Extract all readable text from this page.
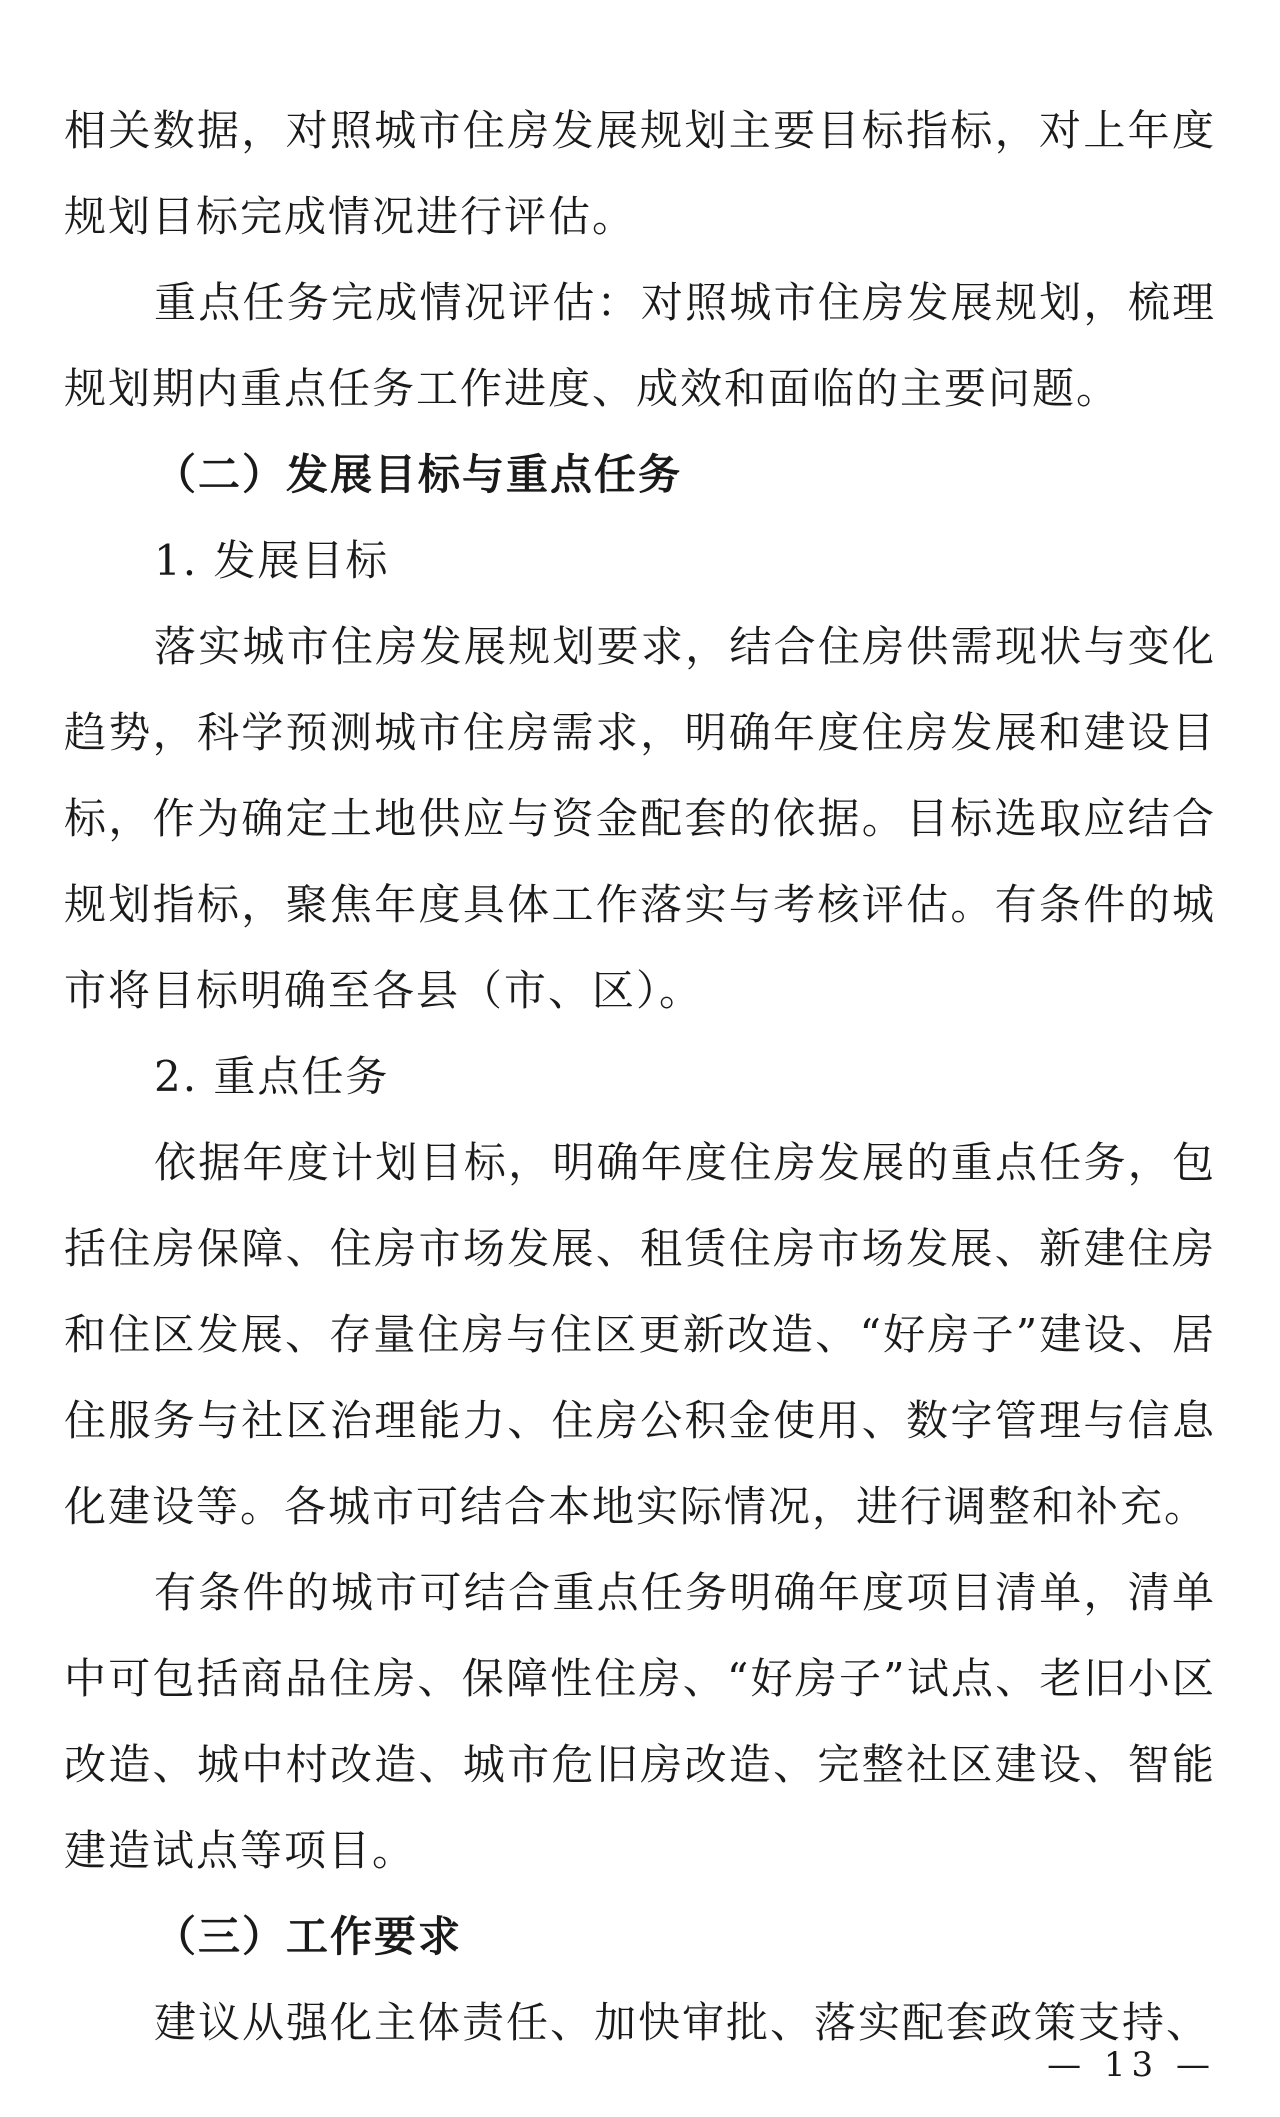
相关数据，对照城市住房发展规划主要目标指标，对上年度规划目标完成情况进行评估。

重点任务完成情况评估：对照城市住房发展规划，梳理规划期内重点任务工作进度、成效和面临的主要问题。

（二）发展目标与重点任务

1. 发展目标

落实城市住房发展规划要求，结合住房供需现状与变化趋势，科学预测城市住房需求，明确年度住房发展和建设目标，作为确定土地供应与资金配套的依据。目标选取应结合规划指标，聚焦年度具体工作落实与考核评估。有条件的城市将目标明确至各县（市、区）。

2. 重点任务

依据年度计划目标，明确年度住房发展的重点任务，包括住房保障、住房市场发展、租赁住房市场发展、新建住房和住区发展、存量住房与住区更新改造、“好房子”建设、居住服务与社区治理能力、住房公积金使用、数字管理与信息化建设等。各城市可结合本地实际情况，进行调整和补充。

有条件的城市可结合重点任务明确年度项目清单，清单中可包括商品住房、保障性住房、“好房子”试点、老旧小区改造、城中村改造、城市危旧房改造、完整社区建设、智能建造试点等项目。

（三）工作要求

建议从强化主体责任、加快审批、落实配套政策支持、

— 13 —
